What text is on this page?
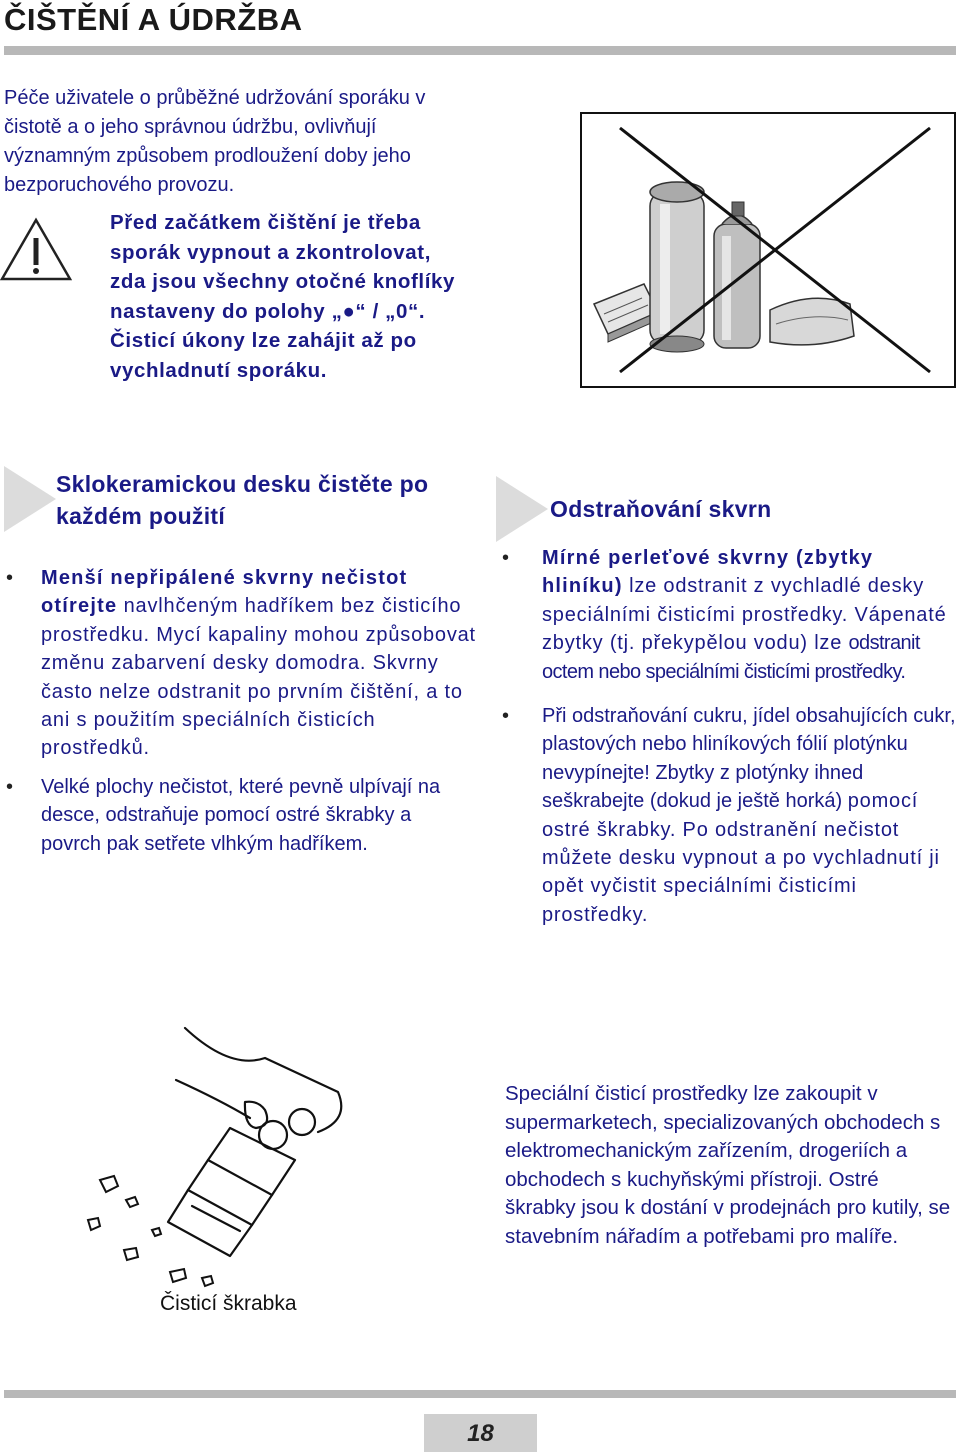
ČIŠTĚNÍ A ÚDRŽBA

Péče uživatele o průběžné udržování sporáku v čistotě a o jeho správnou údržbu, ovlivňují významným způsobem prodloužení doby jeho bezporuchového provozu.

Před začátkem čištění je třeba sporák vypnout a zkontrolovat, zda jsou všechny otočné knoflíky nastaveny do polohy „●“ / „0“. Čisticí úkony lze zahájit až po vychladnutí sporáku.

Sklokeramickou desku čistěte po každém použití
• Menší nepřipálené skvrny nečistot otírejte navlhčeným hadříkem bez čisticího prostředku. Mycí kapaliny mohou způsobovat změnu zabarvení desky domodra. Skvrny často nelze odstranit po prvním čištění, a to ani s použitím speciálních čisticích prostředků.
• Velké plochy nečistot, které pevně ulpívají na desce, odstraňuje pomocí ostré škrabky a povrch pak setřete vlhkým hadříkem.
Odstraňování skvrn
• Mírné perleťové skvrny (zbytky hliníku) lze odstranit z vychladlé desky speciálními čisticími prostředky. Vápenaté zbytky (tj. překypělou vodu) lze odstranit octem nebo speciálními čisticími prostředky.
• Při odstraňování cukru, jídel obsahujících cukr, plastových nebo hliníkových fólií plotýnku nevypínejte! Zbytky z plotýnky ihned seškrabejte (dokud je ještě horká) pomocí ostré škrabky. Po odstranění nečistot můžete desku vypnout a po vychladnutí ji opět vyčistit speciálními čisticími prostředky.

Čisticí škrabka

Speciální čisticí prostředky lze zakoupit v supermarketech, specializovaných obchodech s elektromechanickým zařízením, drogeriích a obchodech s kuchyňskými přístroji. Ostré škrabky jsou k dostání v prodejnách pro kutily, se stavebním nářadím a potřebami pro malíře.

18
